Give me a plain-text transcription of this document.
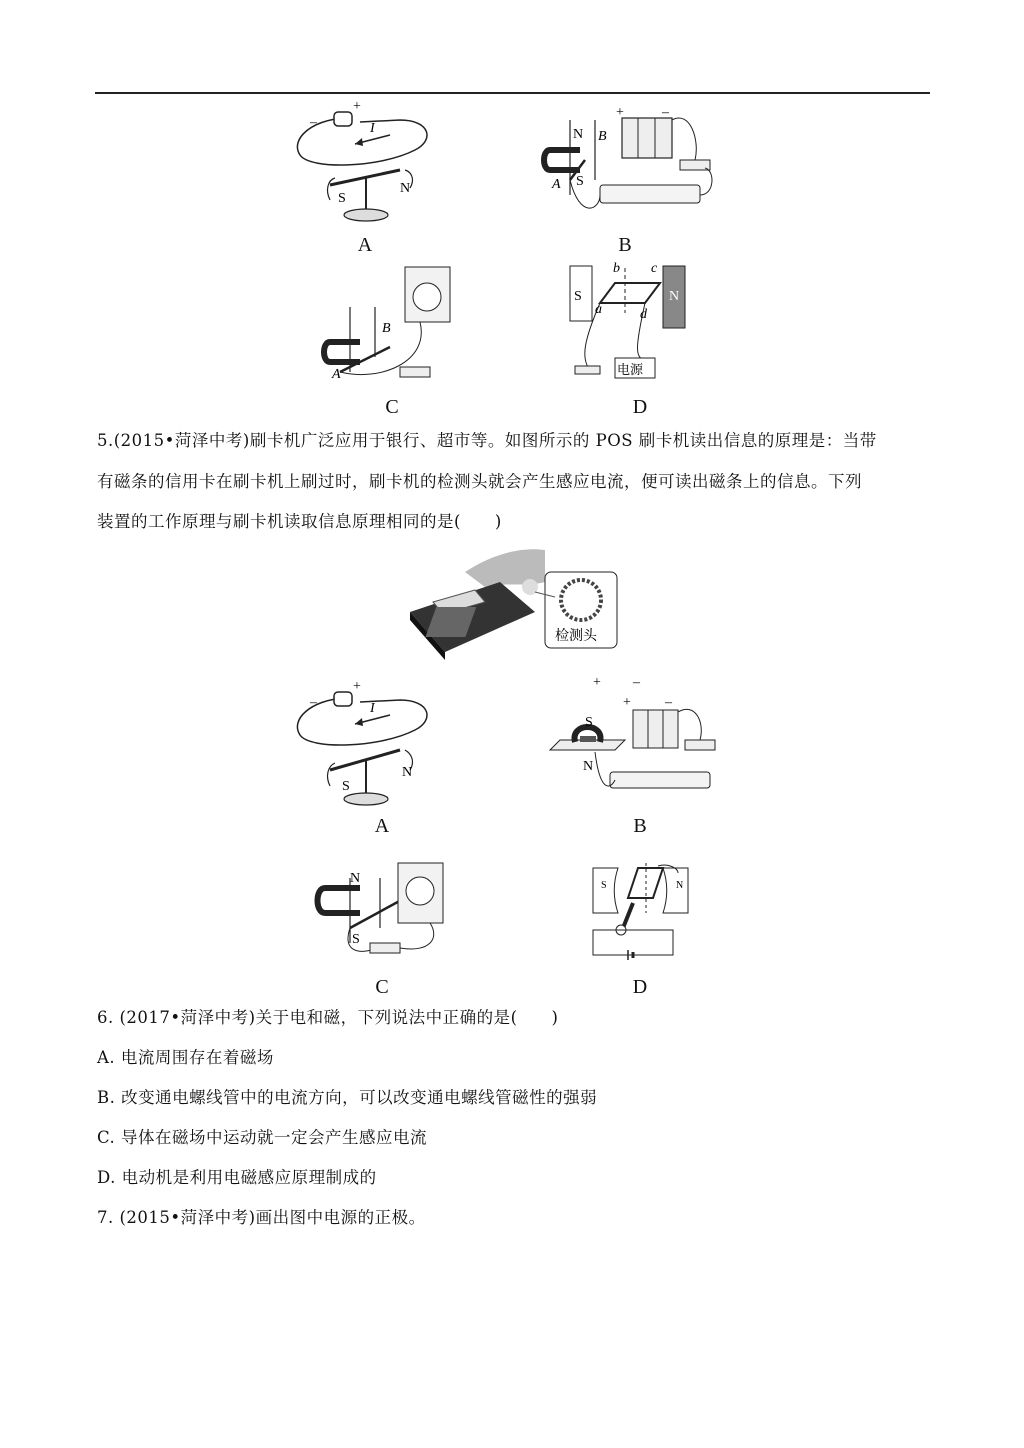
–
+
I
S
N
A
N B
A S
+	–
B
B
A
C
b c
S
a	d
N
电源
D
5.(2015•菏泽中考)刷卡机广泛应用于银行、超市等。如图所示的 POS 刷卡机读出信息的原理是：当带
有磁条的信用卡在刷卡机上刷过时，刷卡机的检测头就会产生感应电流，便可读出磁条上的信息。下列
装置的工作原理与刷卡机读取信息原理相同的是(　　)
检测头
–
+
I
S
N
A
+ –
+ –
S
N
B
N
S
C
S	N
D
6. (2017•菏泽中考)关于电和磁，下列说法中正确的是(　　)
A. 电流周围存在着磁场
B. 改变通电螺线管中的电流方向，可以改变通电螺线管磁性的强弱
C. 导体在磁场中运动就一定会产生感应电流
D. 电动机是利用电磁感应原理制成的
7. (2015•菏泽中考)画出图中电源的正极。
